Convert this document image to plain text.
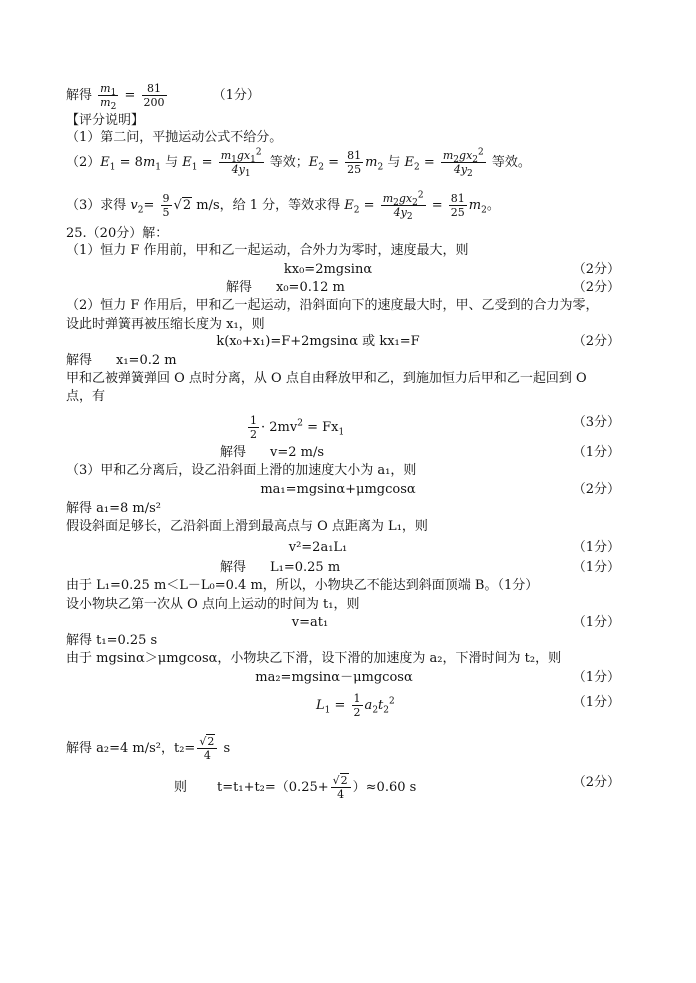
解得 $\frac{m_1}{m_2} = \frac{81}{200}$	（1分）
【评分说明】
（1）第二问，平抛运动公式不给分。
$(2)E_1 = 8m_1$ 与 $E_1 = \frac{m_1gx_1^2}{4y_1}$ 等效；$E_2 = \frac{81}{25} m_2$ 与 $E_2 = \frac{m_2gx_2^2}{4y_2}$ 等效。
（3）求得 $v_2= \frac{9}{5} √2$ m/s，给 1 分，等效求得 $E_2 = \frac{m_2gx_2^2}{4y_2} = \frac{81}{25} m_2$。
25.（20分）解：
（1）恒力 F 作用前，甲和乙一起运动，合外力为零时，速度最大，则
kx₀=2mgsinα	（2分）
解得 x₀=0.12 m	（2分）
（2）恒力 F 作用后，甲和乙一起运动，沿斜面向下的速度最大时，甲、乙受到的合力为零，
设此时弹簧再被压缩长度为 x₁，则
k(x₀+x₁)=F+2mgsinα 或 kx₁=F	（2分）
解得 x₁=0.2 m
甲和乙被弹簧弹回 O 点时分离，从 O 点自由释放甲和乙，到施加恒力后甲和乙一起回到 O
点，有
$\frac{1}{2} \cdot 2mv^2 = Fx_1$
（3分）
解得 v=2 m/s	（1分）
（3）甲和乙分离后，设乙沿斜面上滑的加速度大小为 a₁，则
ma₁=mgsinα+μmgcosα	（2分）
解得 a₁=8 m/s²
假设斜面足够长，乙沿斜面上滑到最高点与 O 点距离为 L₁，则
v²=2a₁L₁	（1分）
解得 L₁=0.25 m	（1分）
由于 L₁=0.25 m＜L－L₀=0.4 m，所以，小物块乙不能达到斜面顶端 B。（1分）
设小物块乙第一次从 O 点向上运动的时间为 t₁，则
v=at₁	（1分）
解得 t₁=0.25 s
由于 mgsinα＞μmgcosα，小物块乙下滑，设下滑的加速度为 a₂，下滑时间为 t₂，则
ma₂=mgsinα－μmgcosα	（1分）
$L_1 = \frac{1}{2} a_2t_2^2$	（1分）
解得 a₂=4 m/s²，$t_2= \frac{√2}{4}$ s
则 $t=t_1+t_2=(0.25+ \frac{√2}{4} )\approx 0.60$ s	（2分）
